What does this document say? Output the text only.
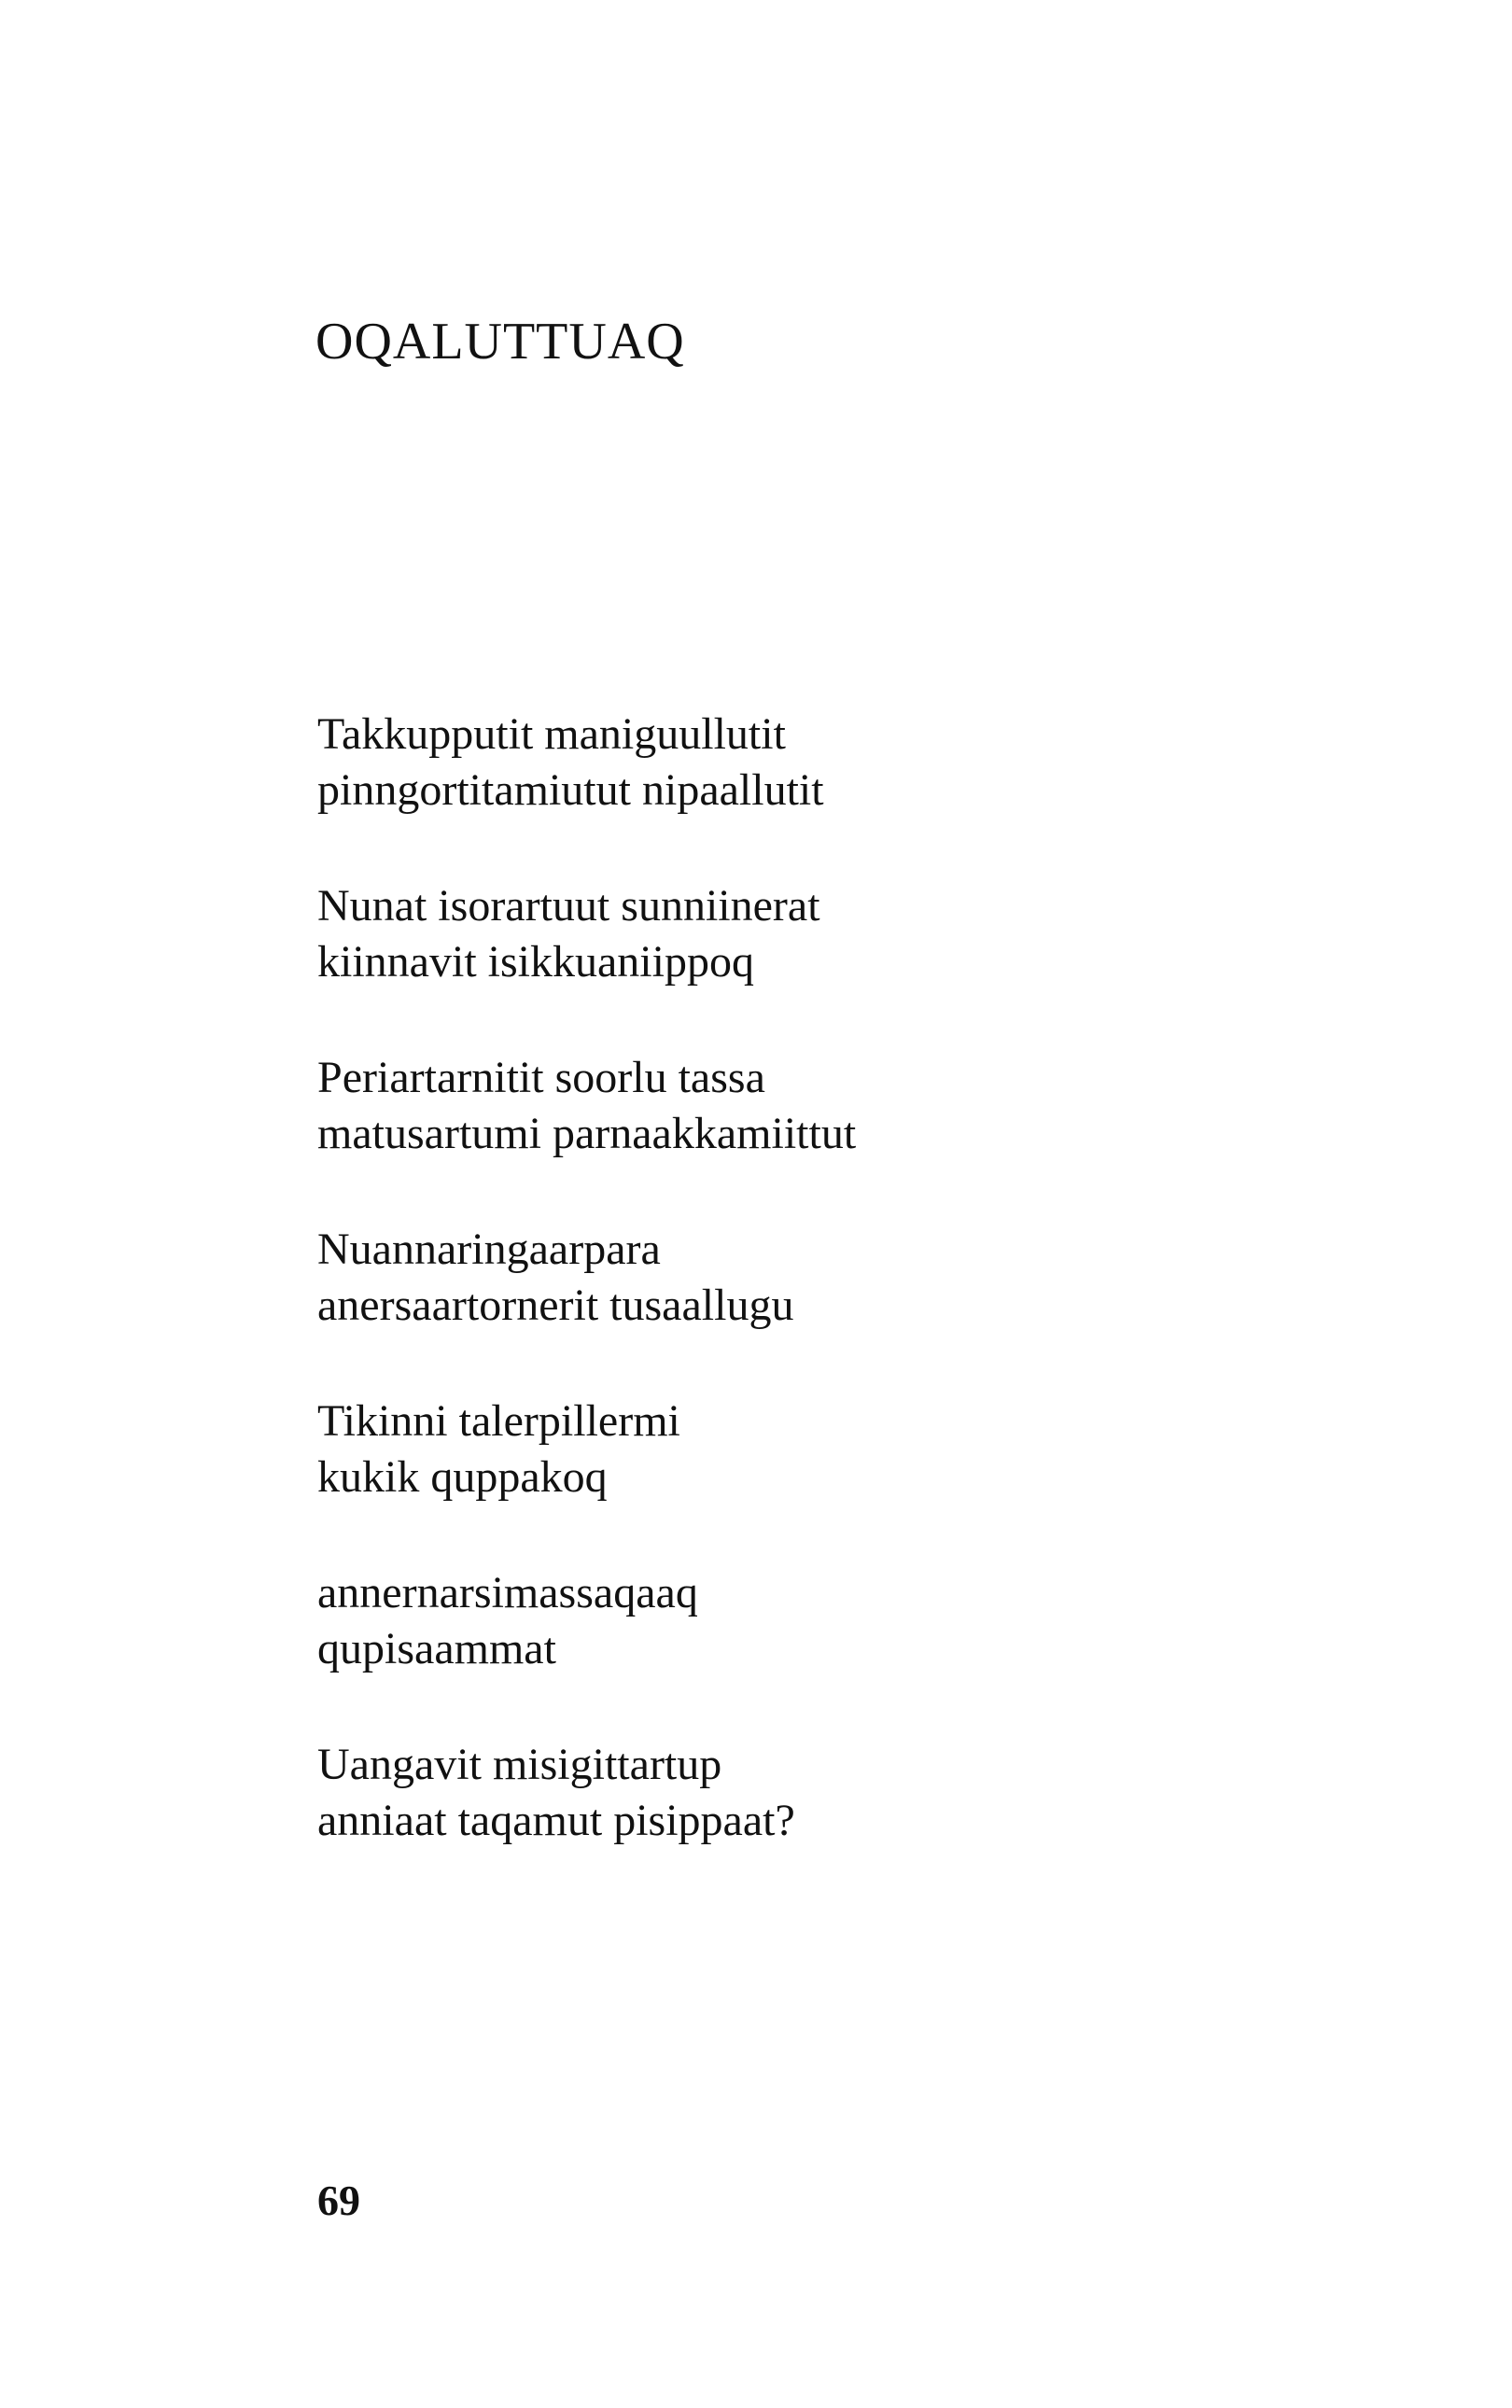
OQALUTTUAQ
Takkupputit maniguullutit
pinngortitamiutut nipaallutit
Nunat isorartuut sunniinerat
kiinnavit isikkuaniippoq
Periartarnitit soorlu tassa
matusartumi parnaakkamiittut
Nuannaringaarpara
anersaartornerit tusaallugu
Tikinni talerpillermi
kukik quppakoq
annernarsimassaqaaq
qupisaammat
Uangavit misigittartup
anniaat taqamut pisippaat?
69
